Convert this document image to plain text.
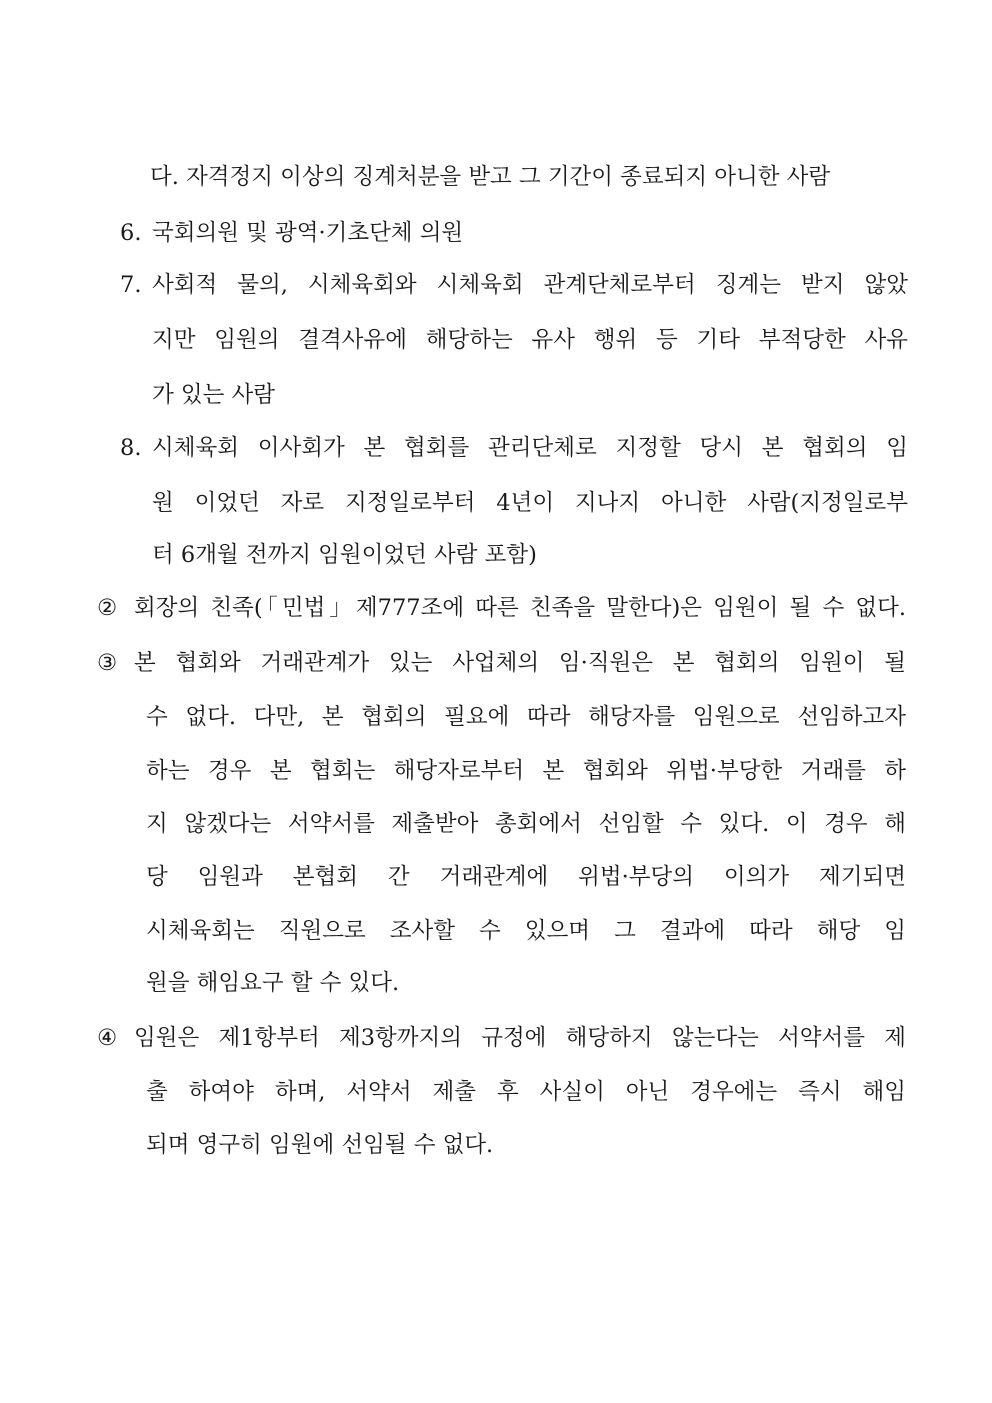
다. 자격정지 이상의 징계처분을 받고 그 기간이 종료되지 아니한 사람
6. 국회의원 및 광역·기초단체 의원
7. 사회적 물의, 시체육회와 시체육회 관계단체로부터 징계는 받지 않았
지만 임원의 결격사유에 해당하는 유사 행위 등 기타 부적당한 사유
가 있는 사람
8. 시체육회 이사회가 본 협회를 관리단체로 지정할 당시 본 협회의 임
원 이었던 자로 지정일로부터 4년이 지나지 아니한 사람(지정일로부
터 6개월 전까지 임원이었던 사람 포함)
② 회장의 친족(「민법」제777조에 따른 친족을 말한다)은 임원이 될 수 없다.
③ 본 협회와 거래관계가 있는 사업체의 임·직원은 본 협회의 임원이 될
수 없다. 다만, 본 협회의 필요에 따라 해당자를 임원으로 선임하고자
하는 경우 본 협회는 해당자로부터 본 협회와 위법·부당한 거래를 하
지 않겠다는 서약서를 제출받아 총회에서 선임할 수 있다. 이 경우 해
당 임원과 본협회 간 거래관계에 위법·부당의 이의가 제기되면
시체육회는 직원으로 조사할 수 있으며 그 결과에 따라 해당 임
원을 해임요구 할 수 있다.
④ 임원은 제1항부터 제3항까지의 규정에 해당하지 않는다는 서약서를 제
출 하여야 하며, 서약서 제출 후 사실이 아닌 경우에는 즉시 해임
되며 영구히 임원에 선임될 수 없다.
